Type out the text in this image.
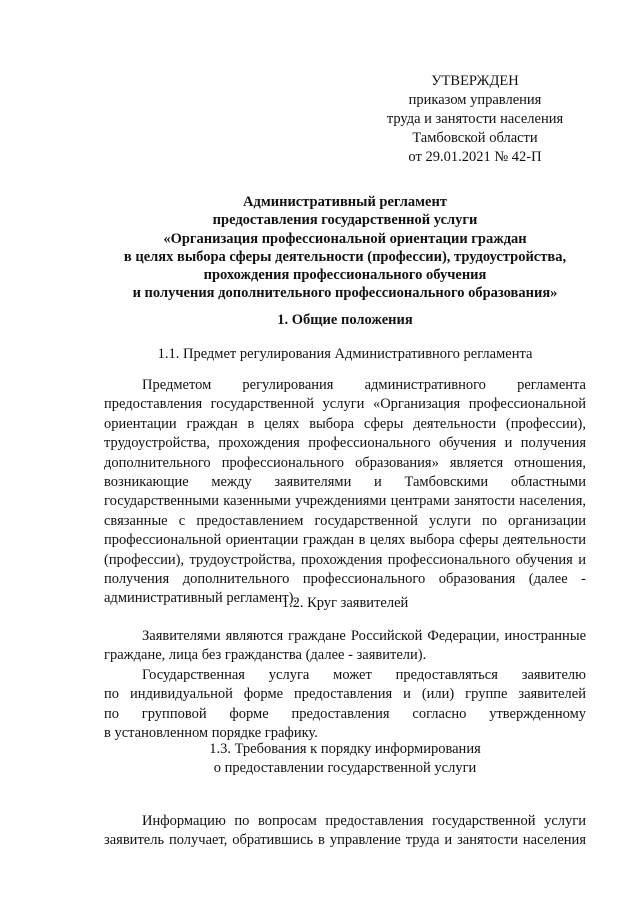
УТВЕРЖДЕН
приказом управления
труда и занятости населения
Тамбовской области
от 29.01.2021 № 42-П
Административный регламент
предоставления государственной услуги
«Организация профессиональной ориентации граждан
в целях выбора сферы деятельности (профессии), трудоустройства,
прохождения профессионального обучения
и получения дополнительного профессионального образования»
1. Общие положения
1.1. Предмет регулирования Административного регламента
Предметом регулирования административного регламента
предоставления государственной услуги «Организация профессиональной
ориентации граждан в целях выбора сферы деятельности (профессии),
трудоустройства, прохождения профессионального обучения и получения
дополнительного профессионального образования» является отношения,
возникающие между заявителями и Тамбовскими областными
государственными казенными учреждениями центрами занятости населения,
связанные с предоставлением государственной услуги по организации
профессиональной ориентации граждан в целях выбора сферы деятельности
(профессии), трудоустройства, прохождения профессионального обучения и
получения дополнительного профессионального образования (далее -
административный регламент).
1.2. Круг заявителей
Заявителями являются граждане Российской Федерации, иностранные
граждане, лица без гражданства (далее - заявители).
Государственная услуга может предоставляться заявителю
по индивидуальной форме предоставления и (или) группе заявителей
по групповой форме предоставления согласно утвержденному
в установленном порядке графику.
1.3. Требования к порядку информирования
о предоставлении государственной услуги
Информацию по вопросам предоставления государственной услуги
заявитель получает, обратившись в управление труда и занятости населения
